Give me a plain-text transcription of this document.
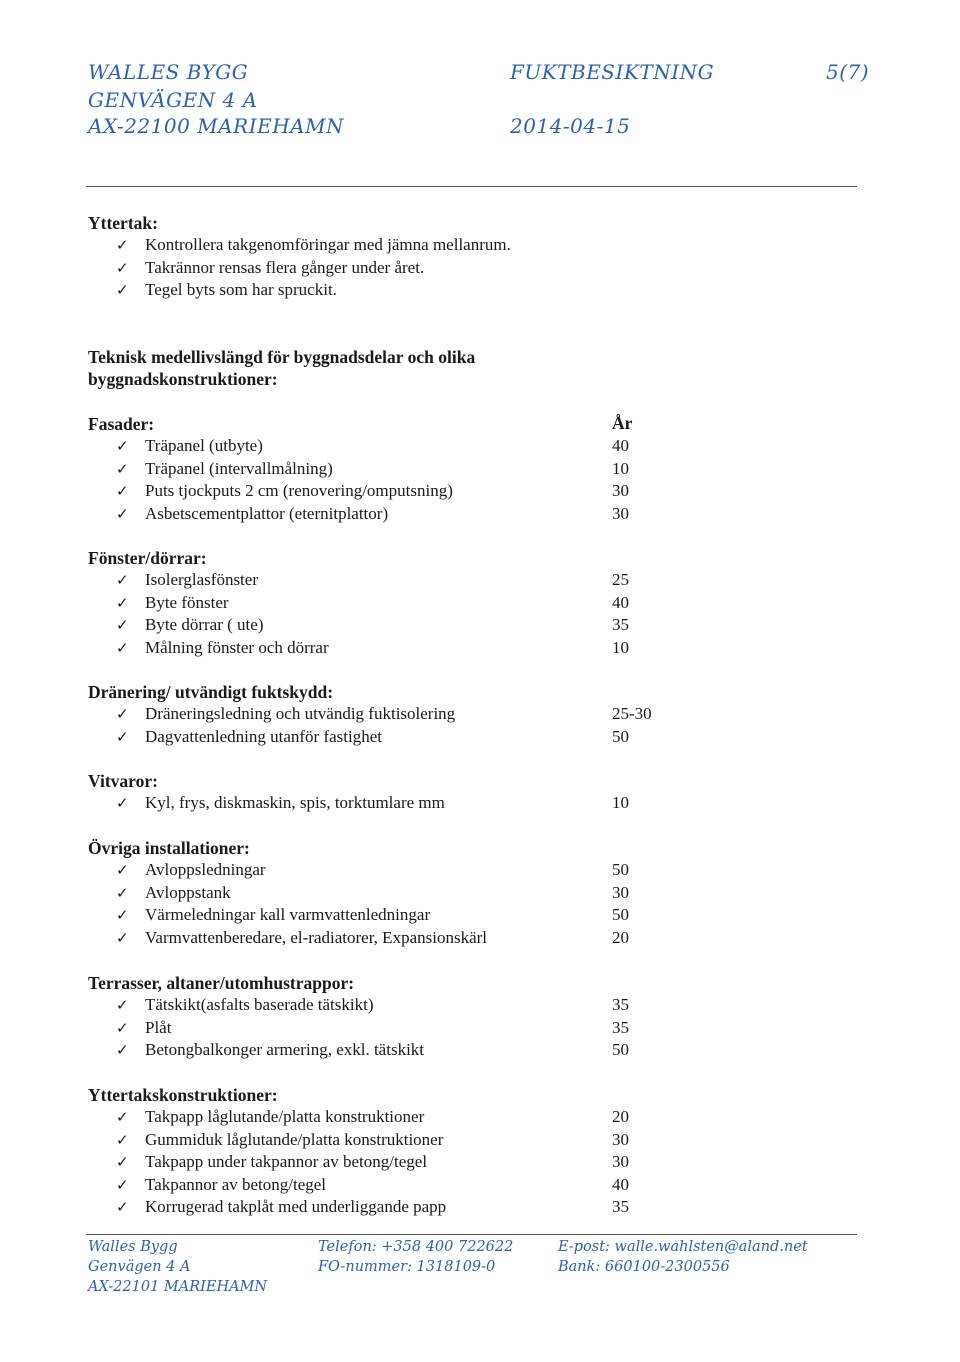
WALLES BYGG
GENVÄGEN 4 A
AX-22100 MARIEHAMN
FUKTBESIKTNING
2014-04-15
5(7)
Yttertak:
✓ Kontrollera takgenomföringar med jämna mellanrum.
✓ Takrännor rensas flera gånger under året.
✓ Tegel byts som har spruckit.
Teknisk medellivslängd för byggnadsdelar och olika
byggnadskonstruktioner:
Fasader:	År
✓ Träpanel (utbyte)	40
✓ Träpanel (intervallmålning)	10
✓ Puts tjockputs 2 cm (renovering/omputsning)	30
✓ Asbetscementplattor (eternitplattor)	30
Fönster/dörrar:
✓ Isolerglasfönster	25
✓ Byte fönster	40
✓ Byte dörrar ( ute)	35
✓ Målning fönster och dörrar	10
Dränering/ utvändigt fuktskydd:
✓ Dräneringsledning och utvändig fuktisolering	25-30
✓ Dagvattenledning utanför fastighet	50
Vitvaror:
✓ Kyl, frys, diskmaskin, spis, torktumlare mm	10
Övriga installationer:
✓ Avloppsledningar	50
✓ Avloppstank	30
✓ Värmeledningar kall varmvattenledningar	50
✓ Varmvattenberedare, el-radiatorer, Expansionskärl	20
Terrasser, altaner/utomhustrappor:
✓ Tätskikt(asfalts baserade tätskikt)	35
✓ Plåt	35
✓ Betongbalkonger armering, exkl. tätskikt	50
Yttertakskonstruktioner:
✓ Takpapp låglutande/platta konstruktioner	20
✓ Gummiduk låglutande/platta konstruktioner	30
✓ Takpapp under takpannor av betong/tegel	30
✓ Takpannor av betong/tegel	40
✓ Korrugerad takplåt med underliggande papp	35
Walles Bygg
Genvägen 4 A
AX-22101 MARIEHAMN
Telefon: +358 400 722622
FO-nummer: 1318109-0
E-post: walle.wahlsten@aland.net
Bank: 660100-2300556
